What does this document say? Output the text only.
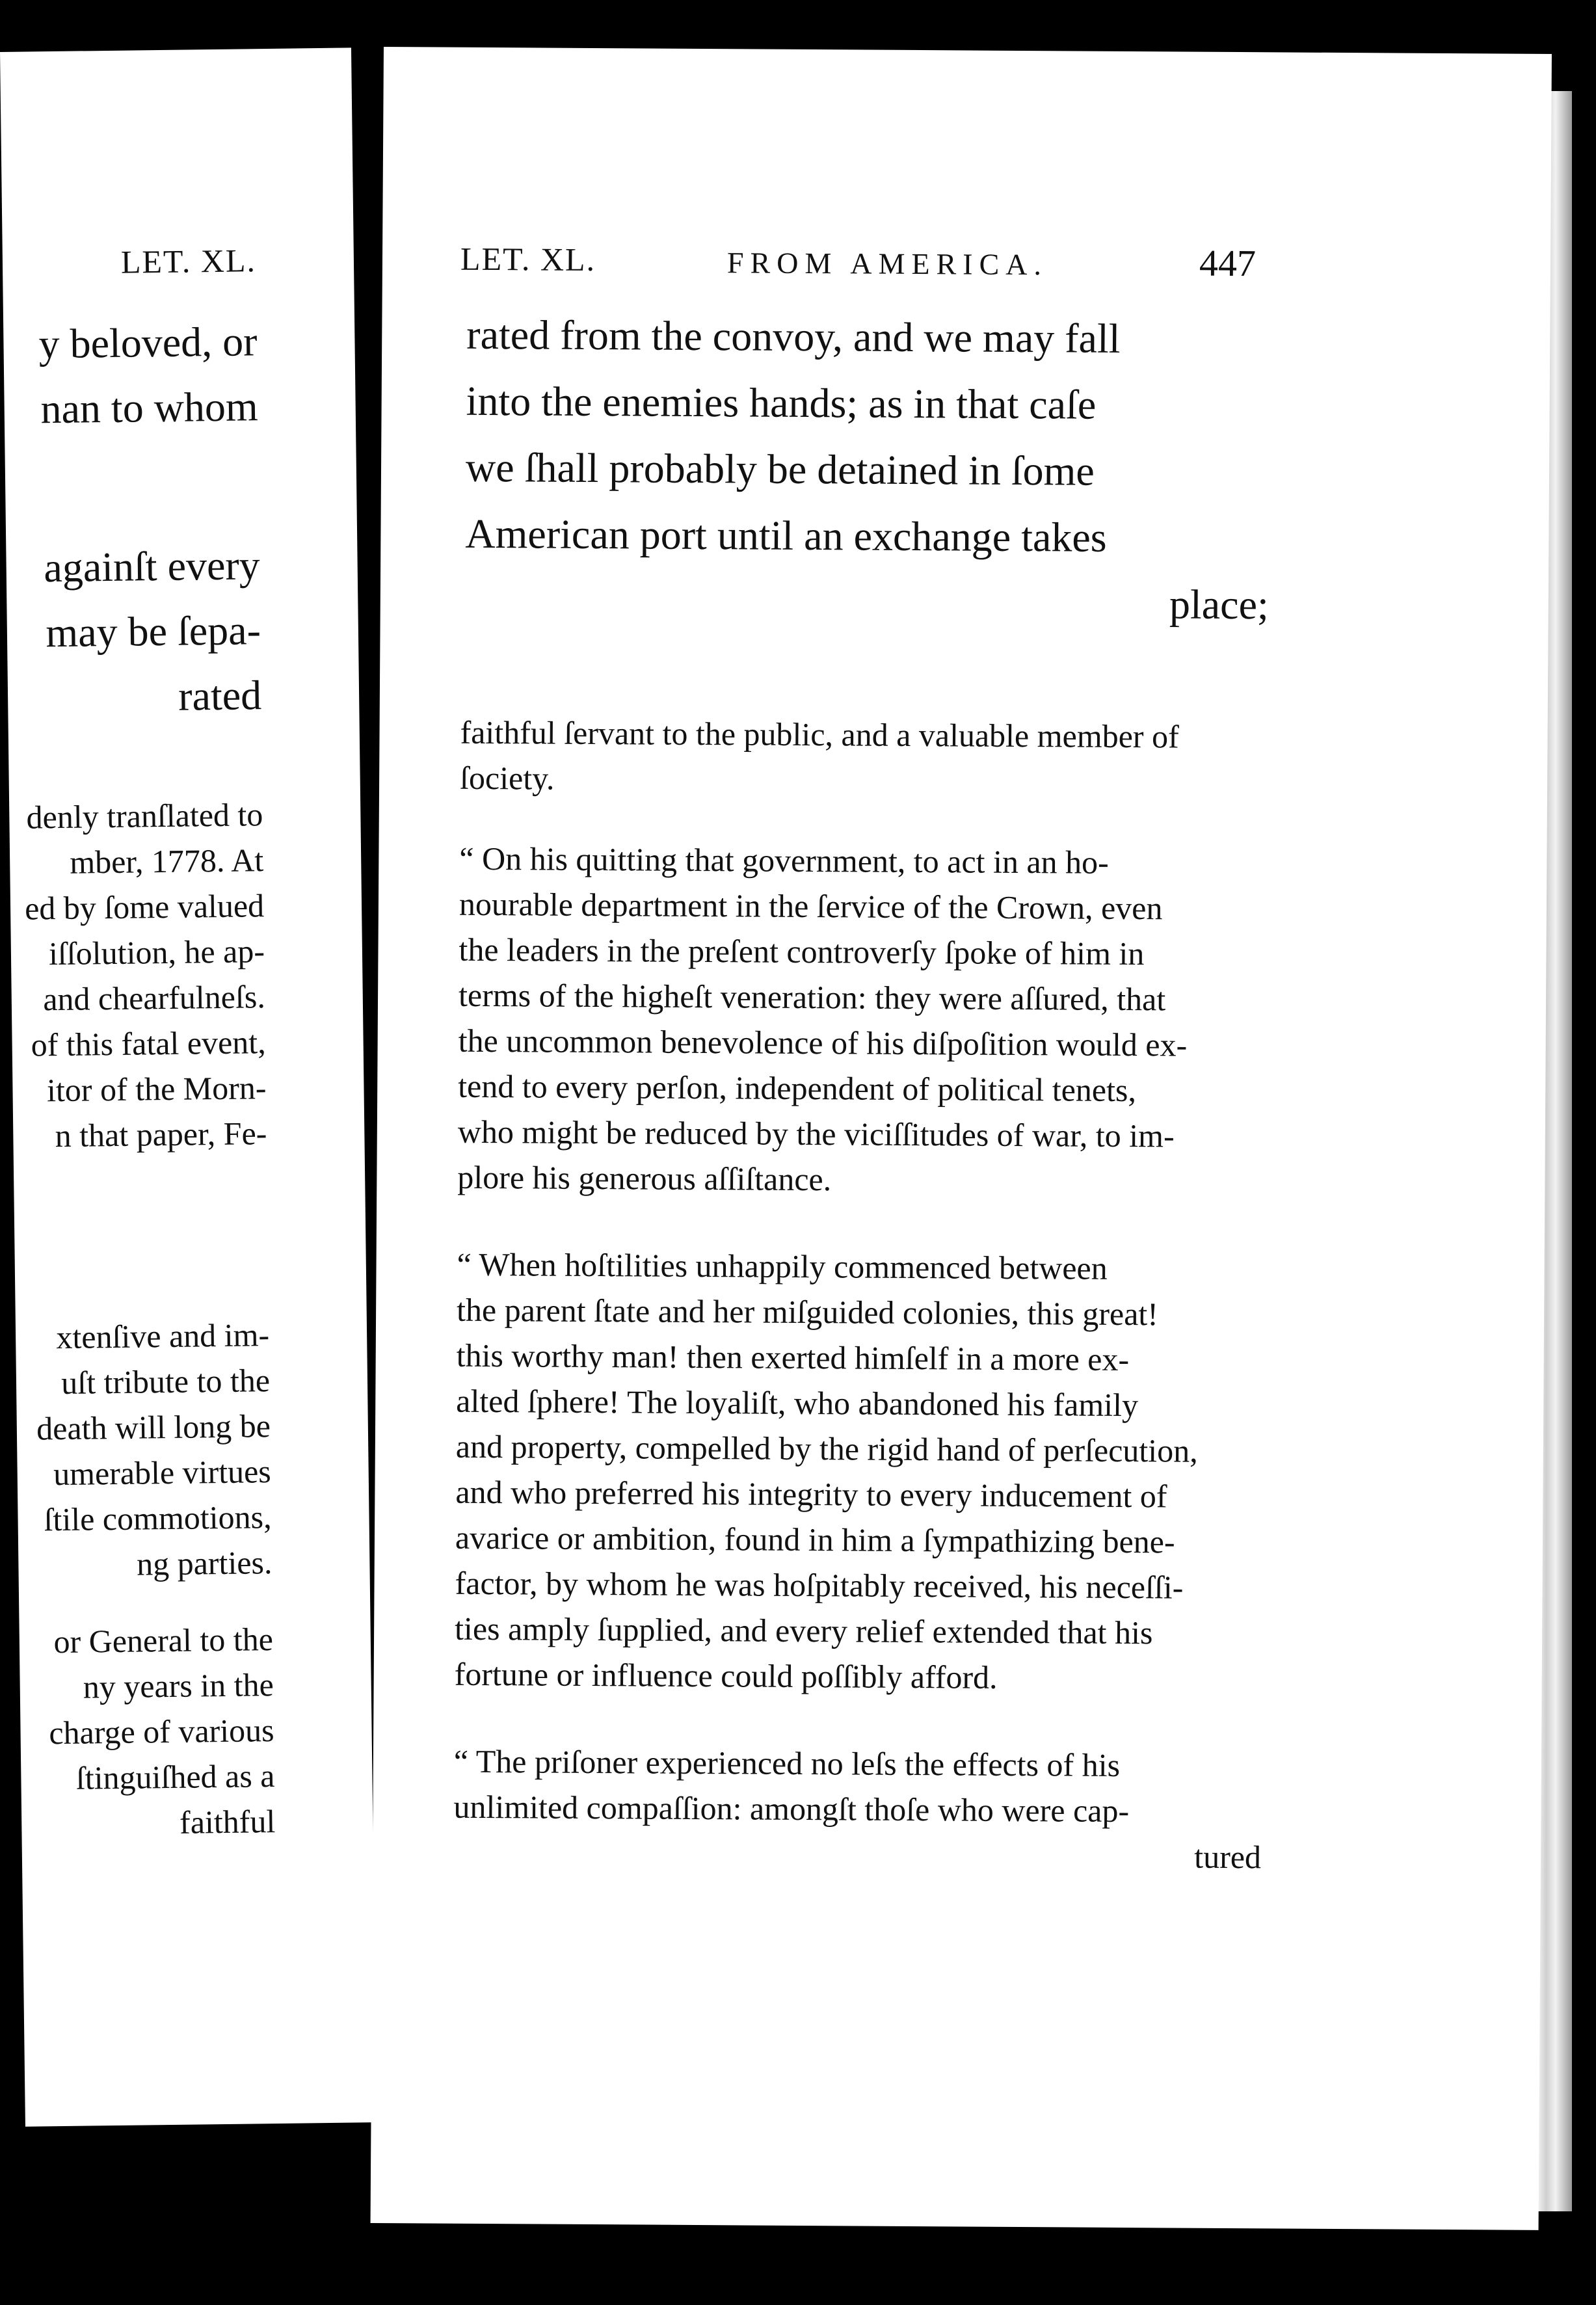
LET. XL.
y beloved, or
nan to whom
againſt every
may be ſepa-
rated
denly tranſlated to
mber, 1778. At
ed by ſome valued
iſſolution, he ap-
and chearfulneſs.
of this fatal event,
itor of the Morn-
n that paper, Fe-
xtenſive and im-
uſt tribute to the
death will long be
umerable virtues
ſtile commotions,
ng parties.
or General to the
ny years in the
charge of various
ſtinguiſhed as a
faithful
LET. XL.	FROM AMERICA.	447
rated from the convoy, and we may fall
into the enemies hands; as in that caſe
we ſhall probably be detained in ſome
American port until an exchange takes
place;
faithful ſervant to the public, and a valuable member of
ſociety.
“ On his quitting that government, to act in an ho-
nourable department in the ſervice of the Crown, even
the leaders in the preſent controverſy ſpoke of him in
terms of the higheſt veneration: they were aſſured, that
the uncommon benevolence of his diſpoſition would ex-
tend to every perſon, independent of political tenets,
who might be reduced by the viciſſitudes of war, to im-
plore his generous aſſiſtance.
“ When hoſtilities unhappily commenced between
the parent ſtate and her miſguided colonies, this great!
this worthy man! then exerted himſelf in a more ex-
alted ſphere! The loyaliſt, who abandoned his family
and property, compelled by the rigid hand of perſecution,
and who preferred his integrity to every inducement of
avarice or ambition, found in him a ſympathizing bene-
factor, by whom he was hoſpitably received, his neceſſi-
ties amply ſupplied, and every relief extended that his
fortune or influence could poſſibly afford.
“ The priſoner experienced no leſs the effects of his
unlimited compaſſion: amongſt thoſe who were cap-
tured
